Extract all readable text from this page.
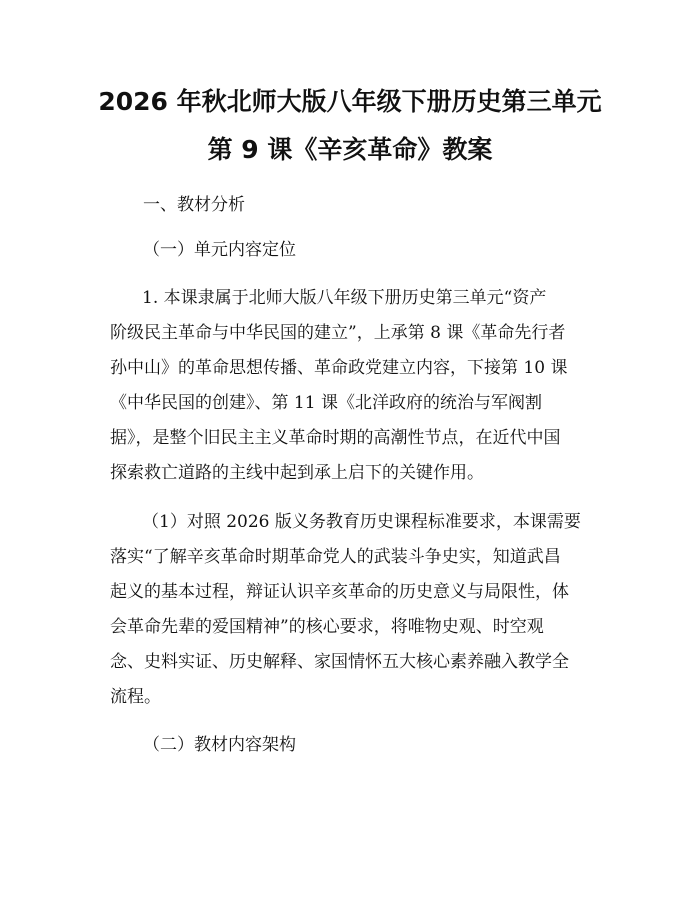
2026 年秋北师大版八年级下册历史第三单元
第 9 课《辛亥革命》教案
一、教材分析
（一）单元内容定位
1. 本课隶属于北师大版八年级下册历史第三单元“资产
阶级民主革命与中华民国的建立”，上承第 8 课《革命先行者
孙中山》的革命思想传播、革命政党建立内容，下接第 10 课
《中华民国的创建》、第 11 课《北洋政府的统治与军阀割
据》，是整个旧民主主义革命时期的高潮性节点，在近代中国
探索救亡道路的主线中起到承上启下的关键作用。
（1）对照 2026 版义务教育历史课程标准要求，本课需要
落实“了解辛亥革命时期革命党人的武装斗争史实，知道武昌
起义的基本过程，辩证认识辛亥革命的历史意义与局限性，体
会革命先辈的爱国精神”的核心要求，将唯物史观、时空观
念、史料实证、历史解释、家国情怀五大核心素养融入教学全
流程。
（二）教材内容架构
